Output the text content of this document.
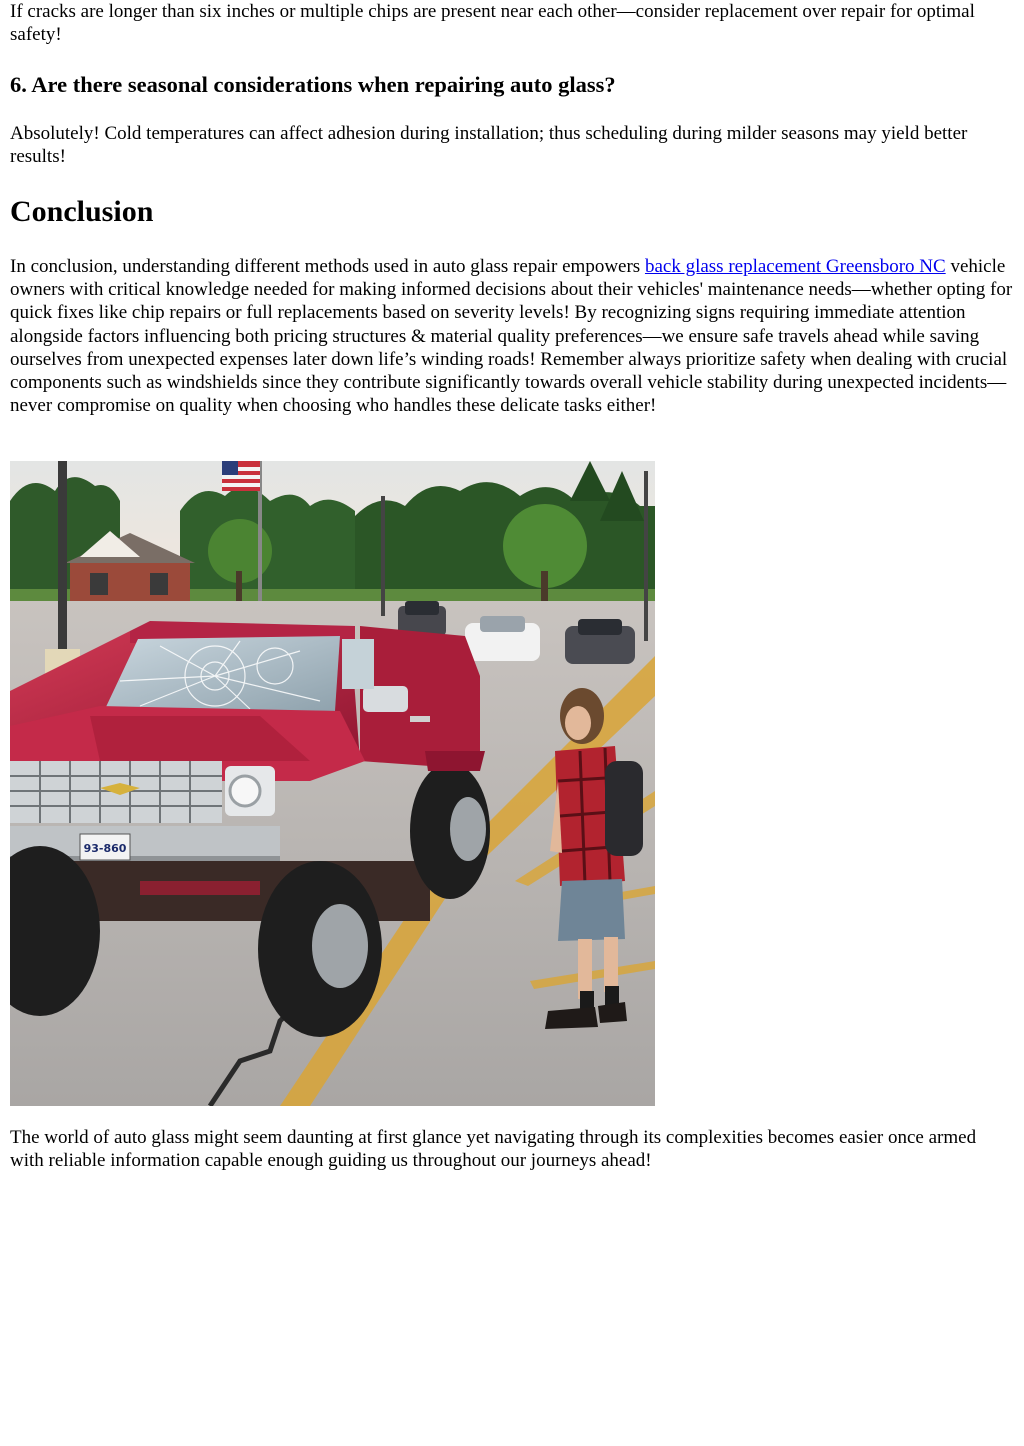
If cracks are longer than six inches or multiple chips are present near each other—consider replacement over repair for optimal safety!

6. Are there seasonal considerations when repairing auto glass?

Absolutely! Cold temperatures can affect adhesion during installation; thus scheduling during milder seasons may yield better results!

Conclusion

In conclusion, understanding different methods used in auto glass repair empowers back glass replacement Greensboro NC vehicle owners with critical knowledge needed for making informed decisions about their vehicles' maintenance needs—whether opting for quick fixes like chip repairs or full replacements based on severity levels! By recognizing signs requiring immediate attention alongside factors influencing both pricing structures & material quality preferences—we ensure safe travels ahead while saving ourselves from unexpected expenses later down life’s winding roads! Remember always prioritize safety when dealing with crucial components such as windshields since they contribute significantly towards overall vehicle stability during unexpected incidents—never compromise on quality when choosing who handles these delicate tasks either!

93-860

The world of auto glass might seem daunting at first glance yet navigating through its complexities becomes easier once armed with reliable information capable enough guiding us throughout our journeys ahead!
